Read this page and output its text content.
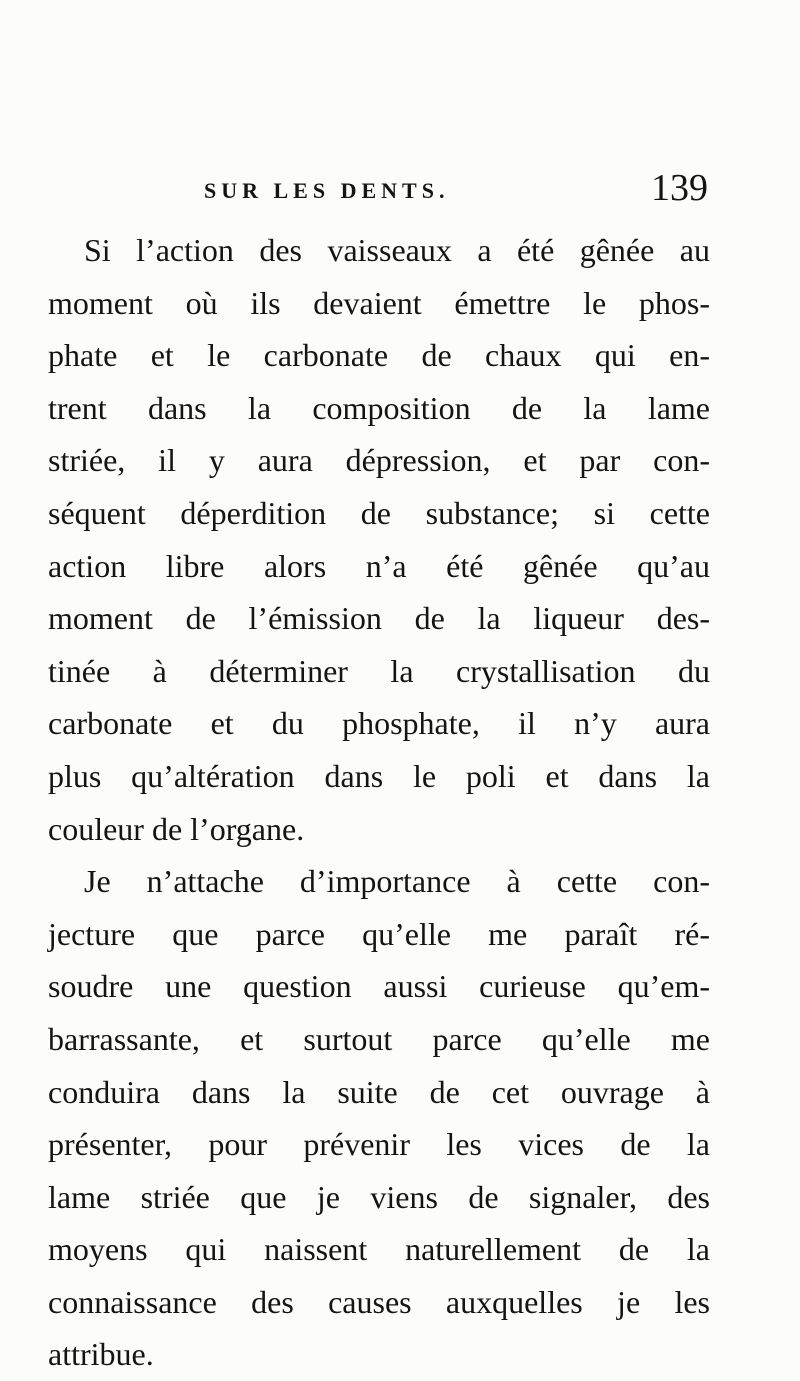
SUR LES DENTS.	139
Si l’action des vaisseaux a été gênée au
moment où ils devaient émettre le phos-
phate et le carbonate de chaux qui en-
trent dans la composition de la lame
striée, il y aura dépression, et par con-
séquent déperdition de substance; si cette
action libre alors n’a été gênée qu’au
moment de l’émission de la liqueur des-
tinée à déterminer la crystallisation du
carbonate et du phosphate, il n’y aura
plus qu’altération dans le poli et dans la
couleur de l’organe.
Je n’attache d’importance à cette con-
jecture que parce qu’elle me paraît ré-
soudre une question aussi curieuse qu’em-
barrassante, et surtout parce qu’elle me
conduira dans la suite de cet ouvrage à
présenter, pour prévenir les vices de la
lame striée que je viens de signaler, des
moyens qui naissent naturellement de la
connaissance des causes auxquelles je les
attribue.
